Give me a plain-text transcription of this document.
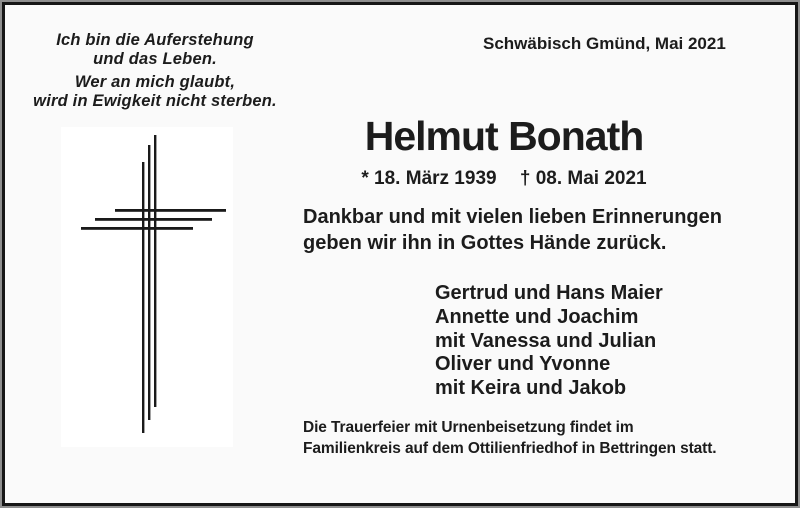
Ich bin die Auferstehung
und das Leben.
Wer an mich glaubt,
wird in Ewigkeit nicht sterben.
Schwäbisch Gmünd, Mai 2021
Helmut Bonath
* 18. März 1939 † 08. Mai 2021
Dankbar und mit vielen lieben Erinnerungen
geben wir ihn in Gottes Hände zurück.
Gertrud und Hans Maier
Annette und Joachim
mit Vanessa und Julian
Oliver und Yvonne
mit Keira und Jakob
Die Trauerfeier mit Urnenbeisetzung findet im
Familienkreis auf dem Ottilienfriedhof in Bettringen statt.
